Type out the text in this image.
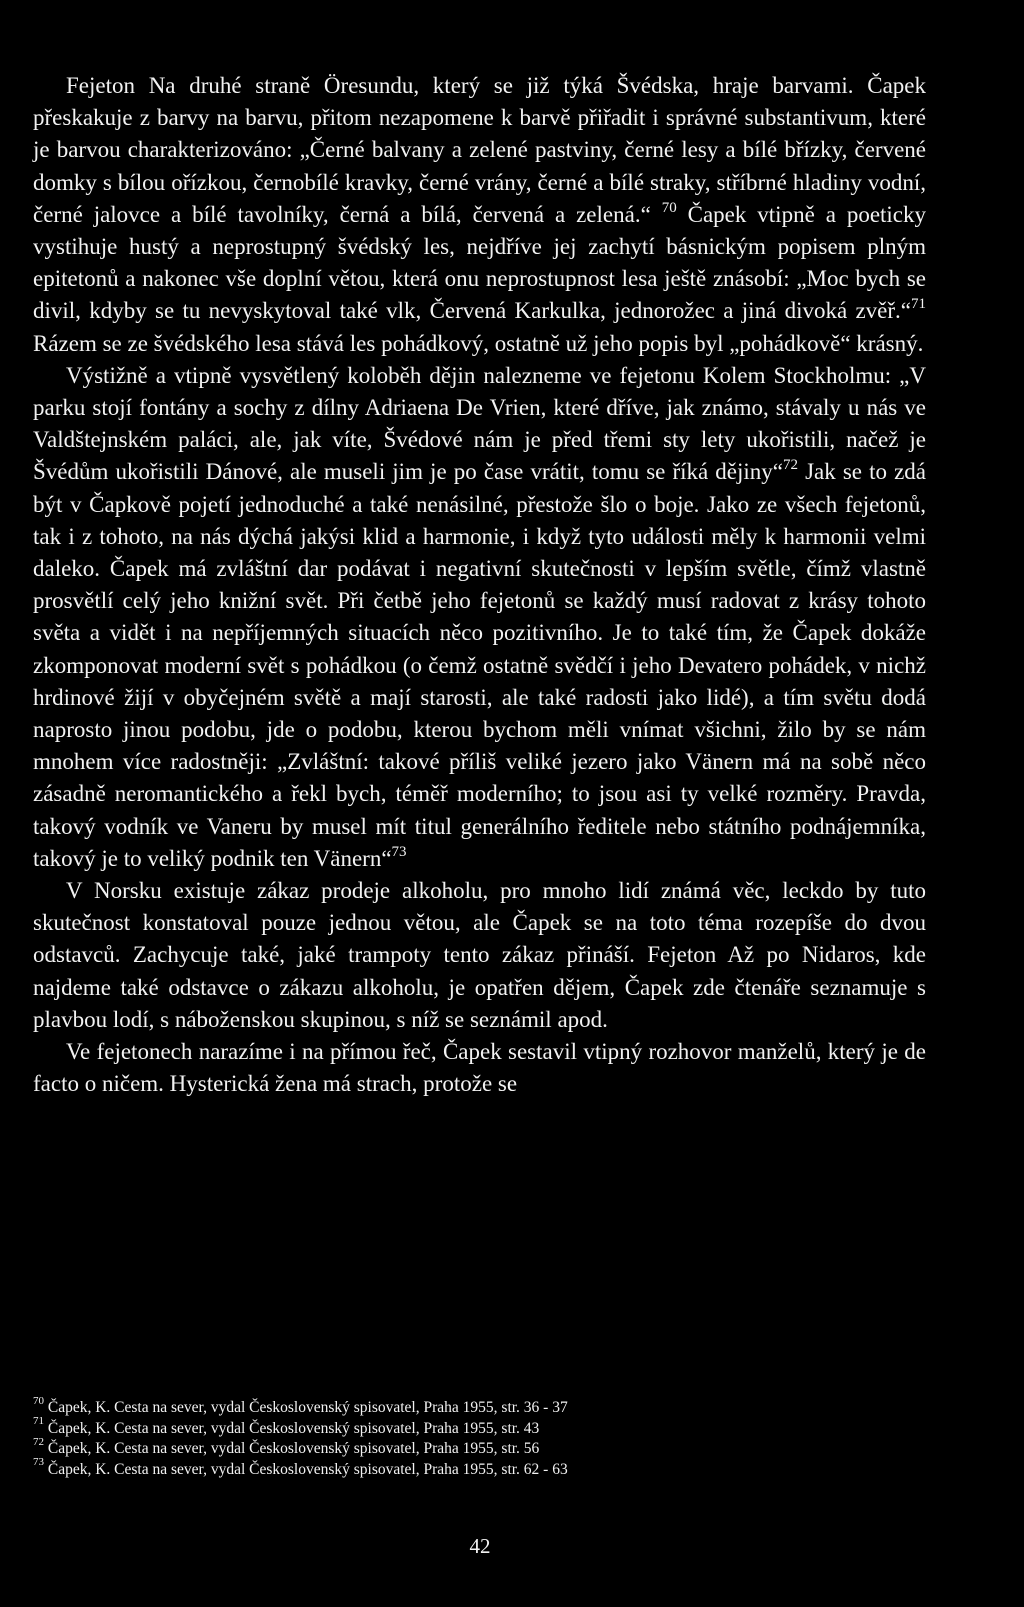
Fejeton Na druhé straně Öresundu, který se již týká Švédska, hraje barvami. Čapek přeskakuje z barvy na barvu, přitom nezapomene k barvě přiřadit i správné substantivum, které je barvou charakterizováno: „Černé balvany a zelené pastviny, černé lesy a bílé břízky, červené domky s bílou ořízkou, černobílé kravky, černé vrány, černé a bílé straky, stříbrné hladiny vodní, černé jalovce a bílé tavolníky, černá a bílá, červená a zelená.“ $^{70}$ Čapek vtipně a poeticky vystihuje hustý a neprostupný švédský les, nejdříve jej zachytí básnickým popisem plným epitetonů a nakonec vše doplní větou, která onu neprostupnost lesa ještě znásobí: „Moc bych se divil, kdyby se tu nevyskytoval také vlk, Červená Karkulka, jednorožec a jiná divoká zvěř.“$^{71}$ Rázem se ze švédského lesa stává les pohádkový, ostatně už jeho popis byl „pohádkově“ krásný.

Výstižně a vtipně vysvětlený koloběh dějin nalezneme ve fejetonu Kolem Stockholmu: „V parku stojí fontány a sochy z dílny Adriaena De Vrien, které dříve, jak známo, stávaly u nás ve Valdštejnském paláci, ale, jak víte, Švédové nám je před třemi sty lety ukořistili, načež je Švédům ukořistili Dánové, ale museli jim je po čase vrátit, tomu se říká dějiny“$^{72}$ Jak se to zdá být v Čapkově pojetí jednoduché a také nenásilné, přestože šlo o boje. Jako ze všech fejetonů, tak i z tohoto, na nás dýchá jakýsi klid a harmonie, i když tyto události měly k harmonii velmi daleko. Čapek má zvláštní dar podávat i negativní skutečnosti v lepším světle, čímž vlastně prosvětlí celý jeho knižní svět. Při četbě jeho fejetonů se každý musí radovat z krásy tohoto světa a vidět i na nepříjemných situacích něco pozitivního. Je to také tím, že Čapek dokáže zkomponovat moderní svět s pohádkou (o čemž ostatně svědčí i jeho Devatero pohádek, v nichž hrdinové žijí v obyčejném světě a mají starosti, ale také radosti jako lidé), a tím světu dodá naprosto jinou podobu, jde o podobu, kterou bychom měli vnímat všichni, žilo by se nám mnohem více radostněji: „Zvláštní: takové příliš veliké jezero jako Vänern má na sobě něco zásadně neromantického a řekl bych, téměř moderního; to jsou asi ty velké rozměry. Pravda, takový vodník ve Vaneru by musel mít titul generálního ředitele nebo státního podnájemníka, takový je to veliký podnik ten Vänern“$^{73}$

V Norsku existuje zákaz prodeje alkoholu, pro mnoho lidí známá věc, leckdo by tuto skutečnost konstatoval pouze jednou větou, ale Čapek se na toto téma rozepíše do dvou odstavců. Zachycuje také, jaké trampoty tento zákaz přináší. Fejeton Až po Nidaros, kde najdeme také odstavce o zákazu alkoholu, je opatřen dějem, Čapek zde čtenáře seznamuje s plavbou lodí, s náboženskou skupinou, s níž se seznámil apod.

Ve fejetonech narazíme i na přímou řeč, Čapek sestavil vtipný rozhovor manželů, který je de facto o ničem. Hysterická žena má strach, protože se

$^{70}$ Čapek, K. Cesta na sever, vydal Československý spisovatel, Praha 1955, str. 36 - 37

$^{71}$ Čapek, K. Cesta na sever, vydal Československý spisovatel, Praha 1955, str. 43

$^{72}$ Čapek, K. Cesta na sever, vydal Československý spisovatel, Praha 1955, str. 56

$^{73}$ Čapek, K. Cesta na sever, vydal Československý spisovatel, Praha 1955, str. 62 - 63

42
